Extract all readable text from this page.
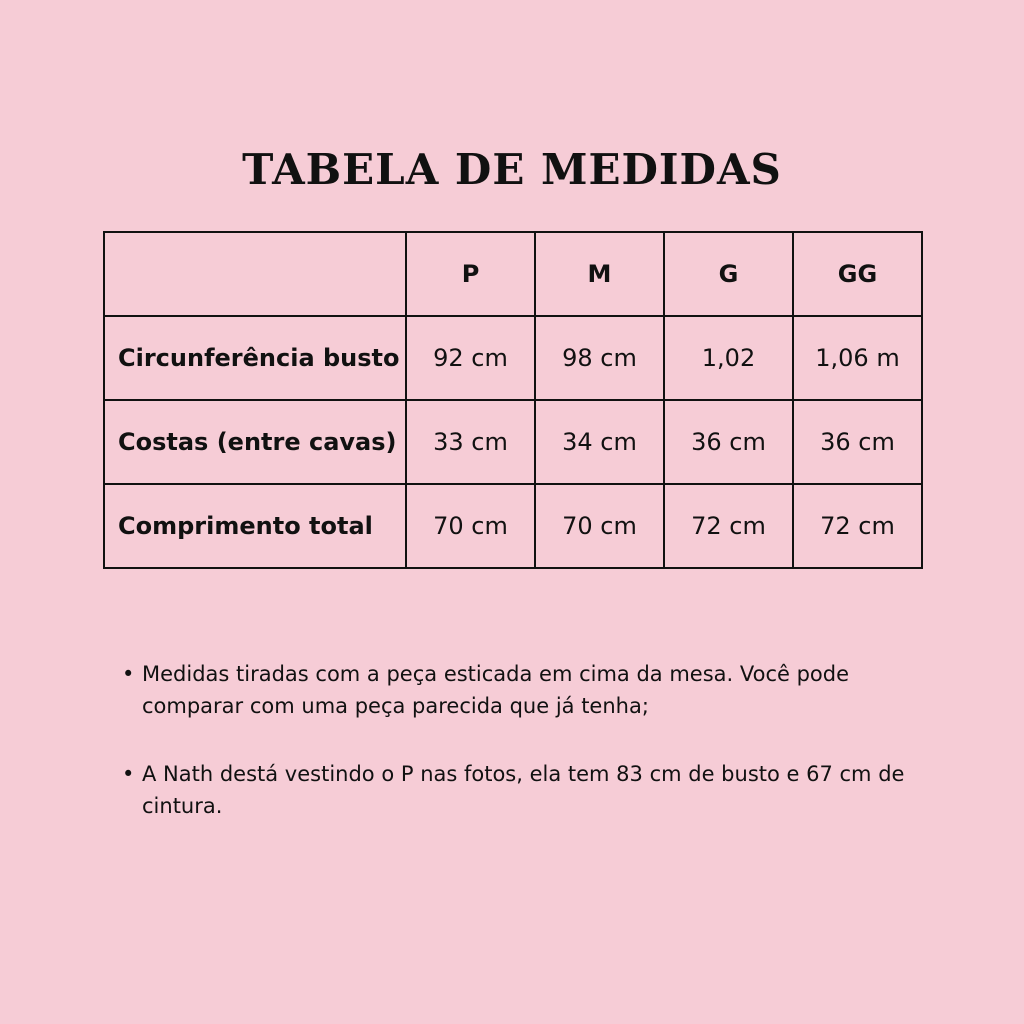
TABELA DE MEDIDAS
	P	M	G	GG
Circunferência busto	92 cm	98 cm	1,02	1,06 m
Costas (entre cavas)	33 cm	34 cm	36 cm	36 cm
Comprimento total	70 cm	70 cm	72 cm	72 cm
• Medidas tiradas com a peça esticada em cima da mesa. Você pode comparar com uma peça parecida que já tenha;
• A Nath destá vestindo o P nas fotos, ela tem 83 cm de busto e 67 cm de cintura.
